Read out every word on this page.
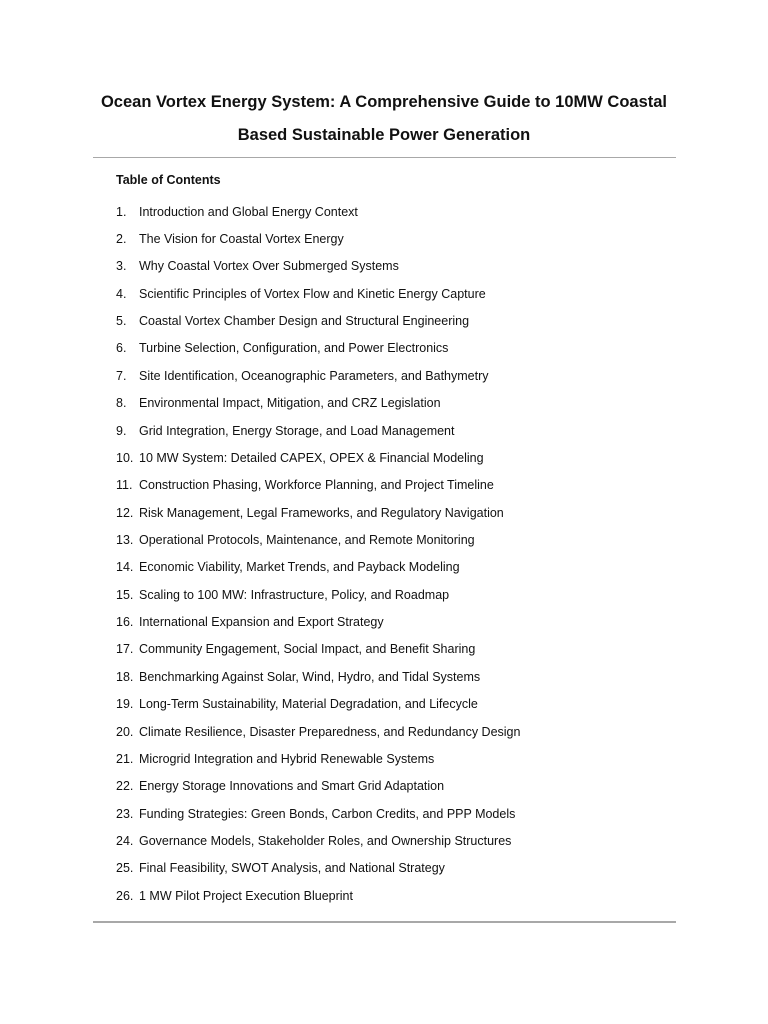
Ocean Vortex Energy System: A Comprehensive Guide to 10MW Coastal
Based Sustainable Power Generation
Table of Contents
1.	Introduction and Global Energy Context
2.	The Vision for Coastal Vortex Energy
3.	Why Coastal Vortex Over Submerged Systems
4.	Scientific Principles of Vortex Flow and Kinetic Energy Capture
5.	Coastal Vortex Chamber Design and Structural Engineering
6.	Turbine Selection, Configuration, and Power Electronics
7.	Site Identification, Oceanographic Parameters, and Bathymetry
8.	Environmental Impact, Mitigation, and CRZ Legislation
9.	Grid Integration, Energy Storage, and Load Management
10. 10 MW System: Detailed CAPEX, OPEX & Financial Modeling
11. Construction Phasing, Workforce Planning, and Project Timeline
12. Risk Management, Legal Frameworks, and Regulatory Navigation
13. Operational Protocols, Maintenance, and Remote Monitoring
14. Economic Viability, Market Trends, and Payback Modeling
15. Scaling to 100 MW: Infrastructure, Policy, and Roadmap
16. International Expansion and Export Strategy
17. Community Engagement, Social Impact, and Benefit Sharing
18. Benchmarking Against Solar, Wind, Hydro, and Tidal Systems
19. Long-Term Sustainability, Material Degradation, and Lifecycle
20. Climate Resilience, Disaster Preparedness, and Redundancy Design
21. Microgrid Integration and Hybrid Renewable Systems
22. Energy Storage Innovations and Smart Grid Adaptation
23. Funding Strategies: Green Bonds, Carbon Credits, and PPP Models
24. Governance Models, Stakeholder Roles, and Ownership Structures
25. Final Feasibility, SWOT Analysis, and National Strategy
26. 1 MW Pilot Project Execution Blueprint
